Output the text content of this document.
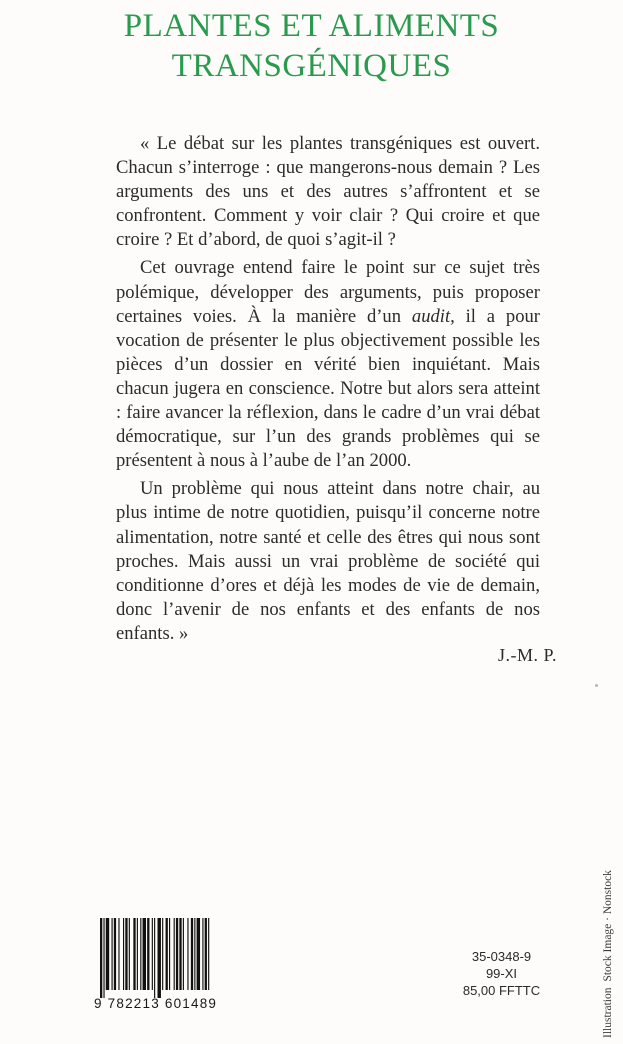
PLANTES ET ALIMENTS
TRANSGÉNIQUES

« Le débat sur les plantes transgéniques est ouvert. Chacun s’interroge : que mangerons-nous demain ? Les arguments des uns et des autres s’affrontent et se confrontent. Comment y voir clair ? Qui croire et que croire ? Et d’abord, de quoi s’agit-il ?

Cet ouvrage entend faire le point sur ce sujet très polémique, développer des arguments, puis proposer certaines voies. À la manière d’un audit, il a pour vocation de présenter le plus objectivement possible les pièces d’un dossier en vérité bien inquiétant. Mais chacun jugera en conscience. Notre but alors sera atteint : faire avancer la réflexion, dans le cadre d’un vrai débat démocratique, sur l’un des grands problèmes qui se présentent à nous à l’aube de l’an 2000.

Un problème qui nous atteint dans notre chair, au plus intime de notre quotidien, puisqu’il concerne notre alimentation, notre santé et celle des êtres qui nous sont proches. Mais aussi un vrai problème de société qui conditionne d’ores et déjà les modes de vie de demain, donc l’avenir de nos enfants et des enfants de nos enfants. »

J.-M. P.
IllustrationStock Image · Nonstock
9 782213 601489
35-0348-9
99-XI
85,00 FFTTC
